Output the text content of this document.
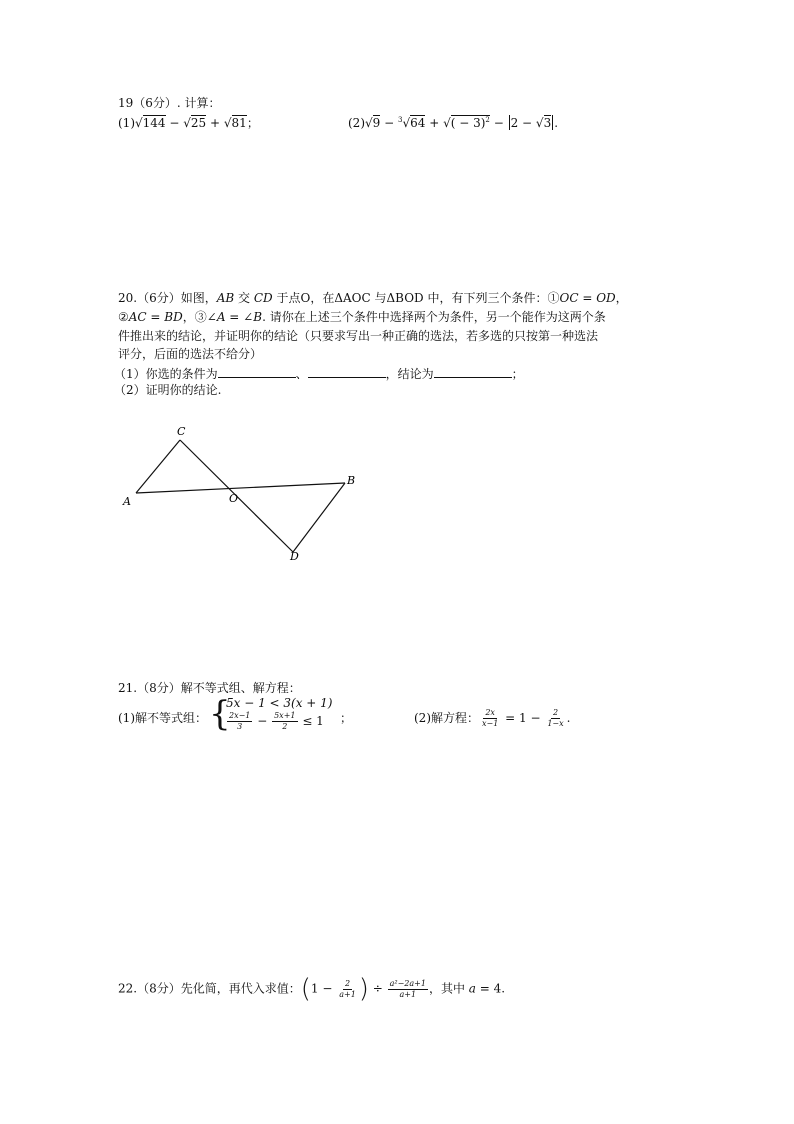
19（6分）. 计算：
(1)√144 − √25 + √81；	(2)√9 − $^3$√64 + √( − 3)$^2$ − 2 − √3 .
20.（6分）如图，AB 交 CD 于点O，在ΔAOC 与ΔBOD 中，有下列三个条件：①OC = OD，
②AC = BD，③∠A = ∠B. 请你在上述三个条件中选择两个为条件，另一个能作为这两个条
件推出来的结论，并证明你的结论（只要求写出一种正确的选法，若多选的只按第一种选法
评分，后面的选法不给分）
（1）你选的条件为	、	，结论为	；
（2）证明你的结论.
A
C
B
D
O
21.（8分）解不等式组、解方程：
(1)解不等式组： {
5x − 1 < 3(x + 1)
$\frac{2x-1}{3} - \frac{5x+1}{2} \le 1$ ；	(2)解方程： $\frac{2x}{x-1} = 1 - \frac{2}{1-x}$ .
22.（8分）先化简，再代入求值：($1 - \frac{2}{a+1}$ ) ÷ $\frac{\text{a²−2a+1}}{a+1}$ ，其中 a = 4.
